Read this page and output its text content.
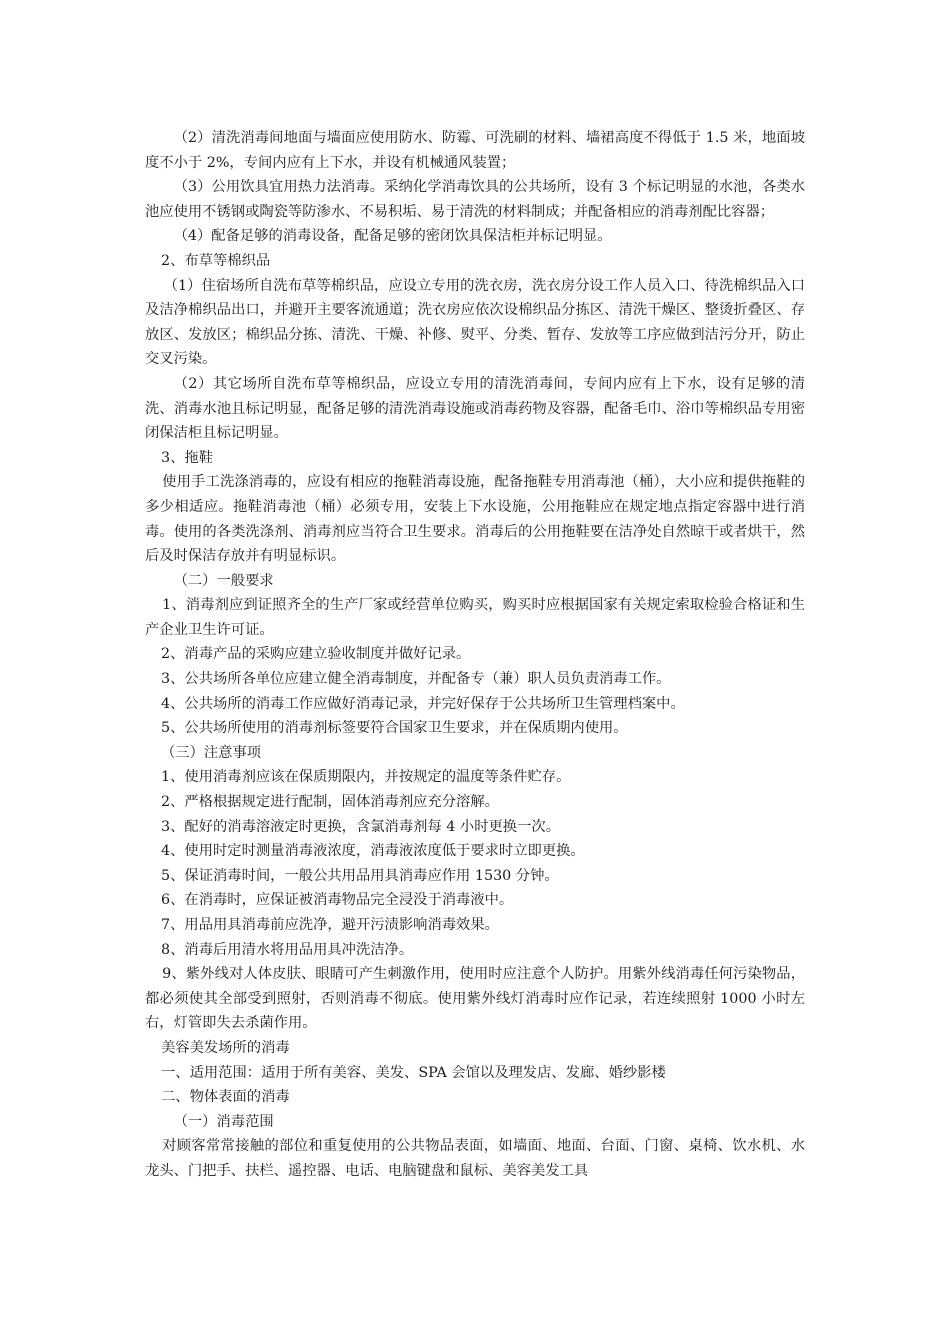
（2）清洗消毒间地面与墙面应使用防水、防霉、可洗刷的材料、墙裙高度不得低于 1.5 米，地面坡度不小于 2%，专间内应有上下水，并设有机械通风装置；

（3）公用饮具宜用热力法消毒。采纳化学消毒饮具的公共场所，设有 3 个标记明显的水池，各类水池应使用不锈钢或陶瓷等防渗水、不易积垢、易于清洗的材料制成；并配备相应的消毒剂配比容器；

（4）配备足够的消毒设备，配备足够的密闭饮具保洁柜并标记明显。

2、布草等棉织品

（1）住宿场所自洗布草等棉织品，应设立专用的洗衣房，洗衣房分设工作人员入口、待洗棉织品入口及洁净棉织品出口，并避开主要客流通道；洗衣房应依次设棉织品分拣区、清洗干燥区、整烫折叠区、存放区、发放区；棉织品分拣、清洗、干燥、补修、熨平、分类、暂存、发放等工序应做到洁污分开，防止交叉污染。

（2）其它场所自洗布草等棉织品，应设立专用的清洗消毒间，专间内应有上下水，设有足够的清洗、消毒水池且标记明显，配备足够的清洗消毒设施或消毒药物及容器，配备毛巾、浴巾等棉织品专用密闭保洁柜且标记明显。

3、拖鞋

使用手工洗涤消毒的，应设有相应的拖鞋消毒设施，配备拖鞋专用消毒池（桶），大小应和提供拖鞋的多少相适应。拖鞋消毒池（桶）必须专用，安装上下水设施，公用拖鞋应在规定地点指定容器中进行消毒。使用的各类洗涤剂、消毒剂应当符合卫生要求。消毒后的公用拖鞋要在洁净处自然晾干或者烘干，然后及时保洁存放并有明显标识。

（二）一般要求

1、消毒剂应到证照齐全的生产厂家或经营单位购买，购买时应根据国家有关规定索取检验合格证和生产企业卫生许可证。

2、消毒产品的采购应建立验收制度并做好记录。

3、公共场所各单位应建立健全消毒制度，并配备专（兼）职人员负责消毒工作。

4、公共场所的消毒工作应做好消毒记录，并完好保存于公共场所卫生管理档案中。

5、公共场所使用的消毒剂标签要符合国家卫生要求，并在保质期内使用。

（三）注意事项

1、使用消毒剂应该在保质期限内，并按规定的温度等条件贮存。

2、严格根据规定进行配制，固体消毒剂应充分溶解。

3、配好的消毒溶液定时更换，含氯消毒剂每 4 小时更换一次。

4、使用时定时测量消毒液浓度，消毒液浓度低于要求时立即更换。

5、保证消毒时间，一般公共用品用具消毒应作用 1530 分钟。

6、在消毒时，应保证被消毒物品完全浸没于消毒液中。

7、用品用具消毒前应洗净，避开污渍影响消毒效果。

8、消毒后用清水将用品用具冲洗洁净。

9、紫外线对人体皮肤、眼睛可产生刺激作用，使用时应注意个人防护。用紫外线消毒任何污染物品，都必须使其全部受到照射，否则消毒不彻底。使用紫外线灯消毒时应作记录，若连续照射 1000 小时左右，灯管即失去杀菌作用。

美容美发场所的消毒

一、适用范围：适用于所有美容、美发、SPA 会馆以及理发店、发廊、婚纱影楼

二、物体表面的消毒

（一）消毒范围

对顾客常常接触的部位和重复使用的公共物品表面，如墙面、地面、台面、门窗、桌椅、饮水机、水龙头、门把手、扶栏、遥控器、电话、电脑键盘和鼠标、美容美发工具
